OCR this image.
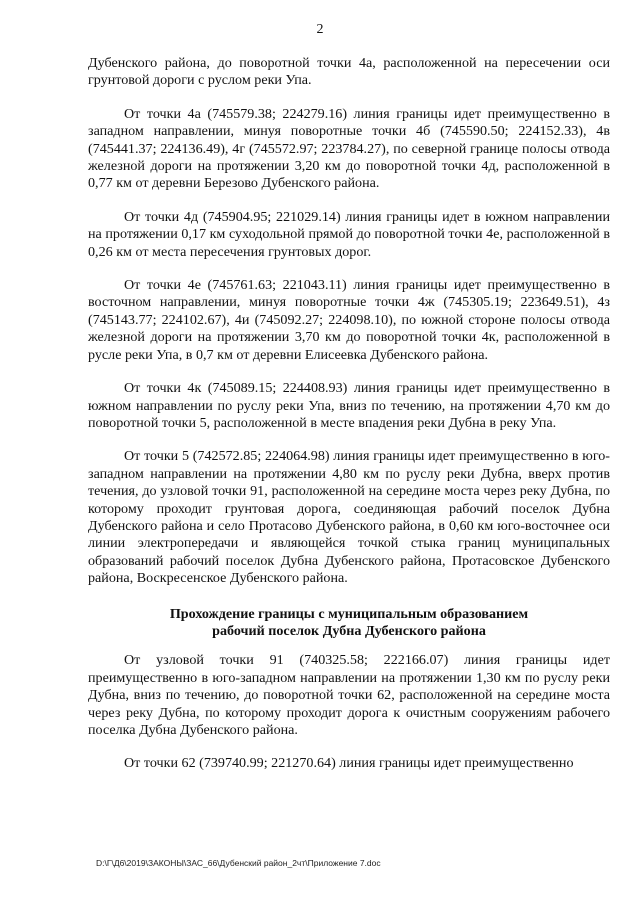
2

Дубенского района, до поворотной точки 4а, расположенной на пересечении оси грунтовой дороги с руслом реки Упа.

От точки 4а (745579.38; 224279.16) линия границы идет преимущественно в западном направлении, минуя поворотные точки 4б (745590.50; 224152.33), 4в (745441.37; 224136.49), 4г (745572.97; 223784.27), по северной границе полосы отвода железной дороги на протяжении 3,20 км до поворотной точки 4д, расположенной в 0,77 км от деревни Березово Дубенского района.

От точки 4д (745904.95; 221029.14) линия границы идет в южном направлении на протяжении 0,17 км суходольной прямой до поворотной точки 4е, расположенной в 0,26 км от места пересечения грунтовых дорог.

От точки 4е (745761.63; 221043.11) линия границы идет преимущественно в восточном направлении, минуя поворотные точки 4ж (745305.19; 223649.51), 4з (745143.77; 224102.67), 4и (745092.27; 224098.10), по южной стороне полосы отвода железной дороги на протяжении 3,70 км до поворотной точки 4к, расположенной в русле реки Упа, в 0,7 км от деревни Елисеевка Дубенского района.

От точки 4к (745089.15; 224408.93) линия границы идет преимущественно в южном направлении по руслу реки Упа, вниз по течению, на протяжении 4,70 км до поворотной точки 5, расположенной в месте впадения реки Дубна в реку Упа.

От точки 5 (742572.85; 224064.98) линия границы идет преимущественно в юго-западном направлении на протяжении 4,80 км по руслу реки Дубна, вверх против течения, до узловой точки 91, расположенной на середине моста через реку Дубна, по которому проходит грунтовая дорога, соединяющая рабочий поселок Дубна Дубенского района и село Протасово Дубенского района, в 0,60 км юго-восточнее оси линии электропередачи и являющейся точкой стыка границ муниципальных образований рабочий поселок Дубна Дубенского района, Протасовское Дубенского района, Воскресенское Дубенского района.

Прохождение границы с муниципальным образованием
рабочий поселок Дубна Дубенского района

От узловой точки 91 (740325.58; 222166.07) линия границы идет преимущественно в юго-западном направлении на протяжении 1,30 км по руслу реки Дубна, вниз по течению, до поворотной точки 62, расположенной на середине моста через реку Дубна, по которому проходит дорога к очистным сооружениям рабочего поселка Дубна Дубенского района.

От точки 62 (739740.99; 221270.64) линия границы идет преимущественно

D:\Г\Д6\2019\ЗАКОНЫ\ЗАС_66\Дубенский район_2чт\Приложение 7.doc
